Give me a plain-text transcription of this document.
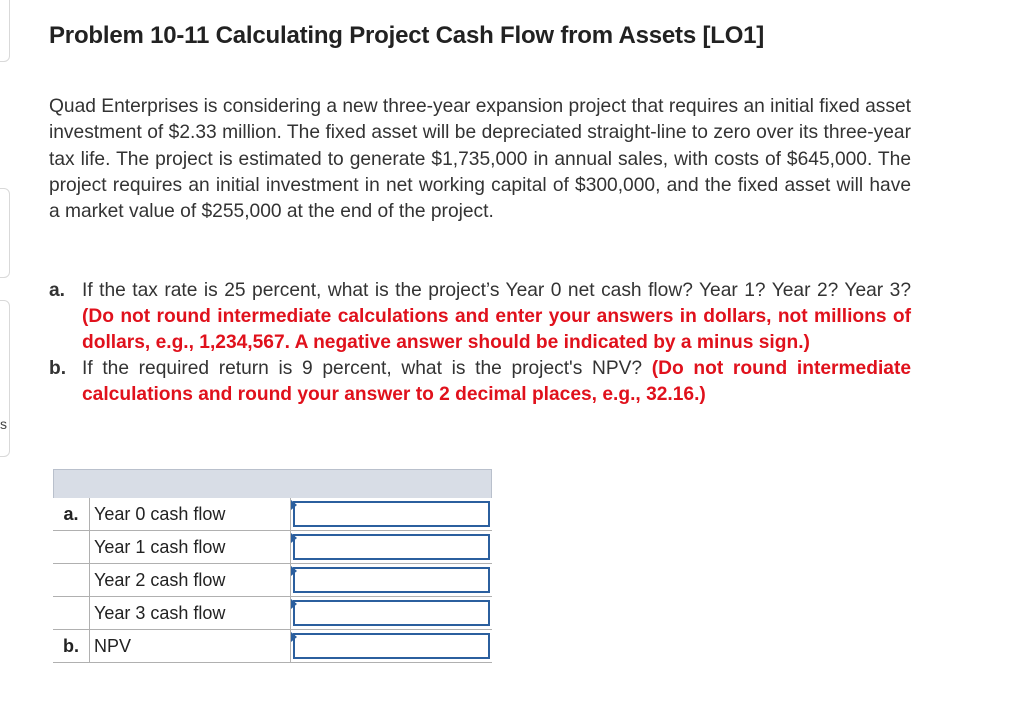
s
Problem 10-11 Calculating Project Cash Flow from Assets [LO1]

Quad Enterprises is considering a new three-year expansion project that requires an initial fixed asset investment of $2.33 million. The fixed asset will be depreciated straight-line to zero over its three-year tax life. The project is estimated to generate $1,735,000 in annual sales, with costs of $645,000. The project requires an initial investment in net working capital of $300,000, and the fixed asset will have a market value of $255,000 at the end of the project.

a. If the tax rate is 25 percent, what is the project’s Year 0 net cash flow? Year 1? Year 2? Year 3? (Do not round intermediate calculations and enter your answers in dollars, not millions of dollars, e.g., 1,234,567. A negative answer should be indicated by a minus sign.)
b. If the required return is 9 percent, what is the project's NPV? (Do not round intermediate calculations and round your answer to 2 decimal places, e.g., 32.16.)
a.	Year 0 cash flow	

	Year 1 cash flow	

	Year 2 cash flow	

	Year 3 cash flow	

b.	NPV	
